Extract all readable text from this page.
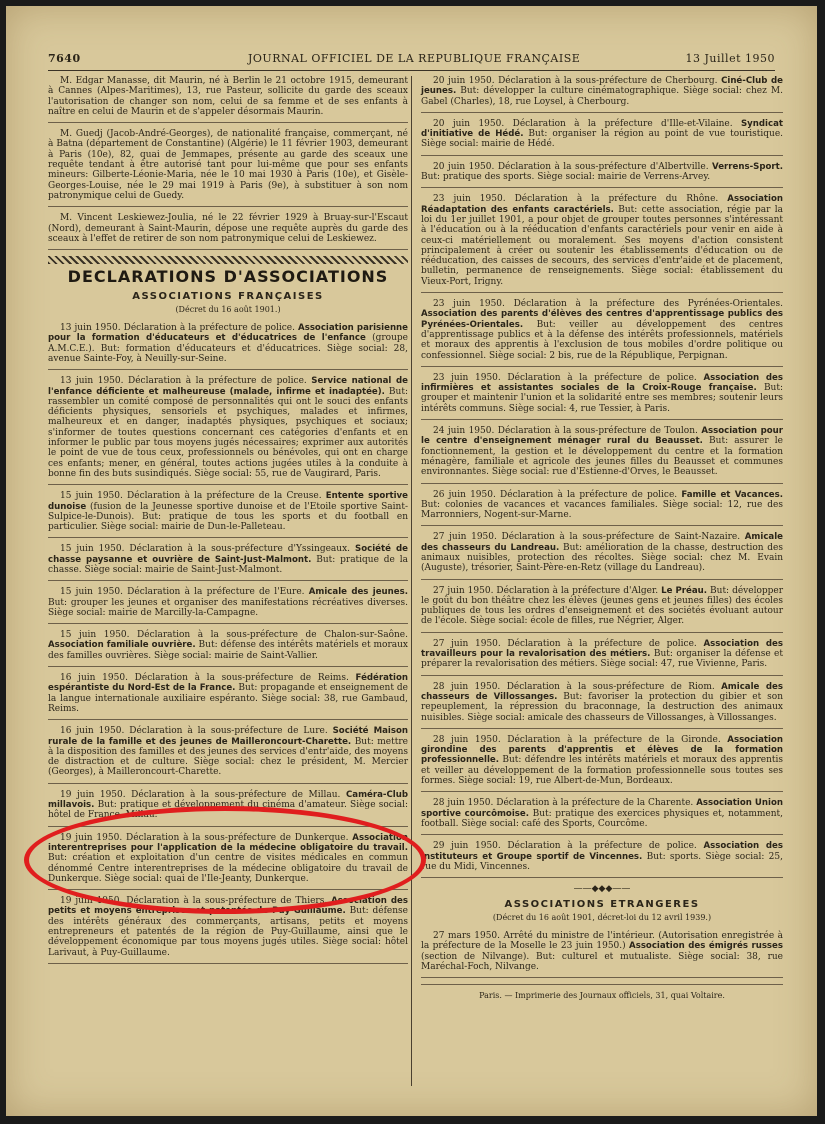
7640	JOURNAL OFFICIEL DE LA REPUBLIQUE FRANÇAISE	13 Juillet 1950
M. Edgar Manasse, dit Maurin, né à Berlin le 21 octobre 1915, demeurant à Cannes (Alpes-Maritimes), 13, rue Pasteur, sollicite du garde des sceaux l'autorisation de changer son nom, celui de sa femme et de ses enfants à naître en celui de Maurin et de s'appeler désormais Maurin.
M. Guedj (Jacob-André-Georges), de nationalité française, commerçant, né à Batna (département de Constantine) (Algérie) le 11 février 1903, demeurant à Paris (10e), 82, quai de Jemmapes, présente au garde des sceaux une requête tendant à être autorisé tant pour lui-même que pour ses enfants mineurs: Gilberte-Léonie-Maria, née le 10 mai 1930 à Paris (10e), et Gisèle-Georges-Louise, née le 29 mai 1919 à Paris (9e), à substituer à son nom patronymique celui de Guedy.
M. Vincent Leskiewez-Joulia, né le 22 février 1929 à Bruay-sur-l'Escaut (Nord), demeurant à Saint-Maurin, dépose une requête auprès du garde des sceaux à l'effet de retirer de son nom patronymique celui de Leskiewez.
DECLARATIONS D'ASSOCIATIONS
ASSOCIATIONS FRANÇAISES
(Décret du 16 août 1901.)
13 juin 1950. Déclaration à la préfecture de police. Association parisienne pour la formation d'éducateurs et d'éducatrices de l'enfance (groupe A.M.C.E.). But: formation d'éducateurs et d'éducatrices. Siège social: 28, avenue Sainte-Foy, à Neuilly-sur-Seine.
13 juin 1950. Déclaration à la préfecture de police. Service national de l'enfance déficiente et malheureuse (malade, infirme et inadaptée). But: rassembler un comité composé de personnalités qui ont le souci des enfants déficients physiques, sensoriels et psychiques, malades et infirmes, malheureux et en danger, inadaptés physiques, psychiques et sociaux; s'informer de toutes questions concernant ces catégories d'enfants et en informer le public par tous moyens jugés nécessaires; exprimer aux autorités le point de vue de tous ceux, professionnels ou bénévoles, qui ont en charge ces enfants; mener, en général, toutes actions jugées utiles à la conduite à bonne fin des buts susindiqués. Siège social: 55, rue de Vaugirard, Paris.
15 juin 1950. Déclaration à la préfecture de la Creuse. Entente sportive dunoise (fusion de la Jeunesse sportive dunoise et de l'Etoile sportive Saint-Sulpice-le-Dunois). But: pratique de tous les sports et du football en particulier. Siège social: mairie de Dun-le-Palleteau.
15 juin 1950. Déclaration à la sous-préfecture d'Yssingeaux. Société de chasse paysanne et ouvrière de Saint-Just-Malmont. But: pratique de la chasse. Siège social: mairie de Saint-Just-Malmont.
15 juin 1950. Déclaration à la préfecture de l'Eure. Amicale des jeunes. But: grouper les jeunes et organiser des manifestations récréatives diverses. Siège social: mairie de Marcilly-la-Campagne.
15 juin 1950. Déclaration à la sous-préfecture de Chalon-sur-Saône. Association familiale ouvrière. But: défense des intérêts matériels et moraux des familles ouvrières. Siège social: mairie de Saint-Vallier.
16 juin 1950. Déclaration à la sous-préfecture de Reims. Fédération espérantiste du Nord-Est de la France. But: propagande et enseignement de la langue internationale auxiliaire espéranto. Siège social: 38, rue Gambaud, Reims.
16 juin 1950. Déclaration à la sous-préfecture de Lure. Société Maison rurale de la famille et des jeunes de Mailleroncourt-Charette. But: mettre à la disposition des familles et des jeunes des services d'entr'aide, des moyens de distraction et de culture. Siège social: chez le président, M. Mercier (Georges), à Mailleroncourt-Charette.
19 juin 1950. Déclaration à la sous-préfecture de Millau. Caméra-Club millavois. But: pratique et développement du cinéma d'amateur. Siège social: hôtel de France, Millau.
19 juin 1950. Déclaration à la sous-préfecture de Dunkerque. Association interentreprises pour l'application de la médecine obligatoire du travail. But: création et exploitation d'un centre de visites médicales en commun dénommé Centre interentreprises de la médecine obligatoire du travail de Dunkerque. Siège social: quai de l'Ile-Jeanty, Dunkerque.
19 juin 1950. Déclaration à la sous-préfecture de Thiers. Association des petits et moyens entreprises et patentés de Puy-Guillaume. But: défense des intérêts généraux des commerçants, artisans, petits et moyens entrepreneurs et patentés de la région de Puy-Guillaume, ainsi que le développement économique par tous moyens jugés utiles. Siège social: hôtel Larivaut, à Puy-Guillaume.
20 juin 1950. Déclaration à la sous-préfecture de Cherbourg. Ciné-Club de jeunes. But: développer la culture cinématographique. Siège social: chez M. Gabel (Charles), 18, rue Loysel, à Cherbourg.
20 juin 1950. Déclaration à la préfecture d'Ille-et-Vilaine. Syndicat d'initiative de Hédé. But: organiser la région au point de vue touristique. Siège social: mairie de Hédé.
20 juin 1950. Déclaration à la sous-préfecture d'Albertville. Verrens-Sport. But: pratique des sports. Siège social: mairie de Verrens-Arvey.
23 juin 1950. Déclaration à la préfecture du Rhône. Association Réadaptation des enfants caractériels. But: cette association, régie par la loi du 1er juillet 1901, a pour objet de grouper toutes personnes s'intéressant à l'éducation ou à la rééducation d'enfants caractériels pour venir en aide à ceux-ci matériellement ou moralement. Ses moyens d'action consistent principalement à créer ou soutenir les établissements d'éducation ou de rééducation, des caisses de secours, des services d'entr'aide et de placement, bulletin, permanence de renseignements. Siège social: établissement du Vieux-Port, Irigny.
23 juin 1950. Déclaration à la préfecture des Pyrénées-Orientales. Association des parents d'élèves des centres d'apprentissage publics des Pyrénées-Orientales. But: veiller au développement des centres d'apprentissage publics et à la défense des intérêts professionnels, matériels et moraux des apprentis à l'exclusion de tous mobiles d'ordre politique ou confessionnel. Siège social: 2 bis, rue de la République, Perpignan.
23 juin 1950. Déclaration à la préfecture de police. Association des infirmières et assistantes sociales de la Croix-Rouge française. But: grouper et maintenir l'union et la solidarité entre ses membres; soutenir leurs intérêts communs. Siège social: 4, rue Tessier, à Paris.
24 juin 1950. Déclaration à la sous-préfecture de Toulon. Association pour le centre d'enseignement ménager rural du Beausset. But: assurer le fonctionnement, la gestion et le développement du centre et la formation ménagère, familiale et agricole des jeunes filles du Beausset et communes environnantes. Siège social: rue d'Estienne-d'Orves, le Beausset.
26 juin 1950. Déclaration à la préfecture de police. Famille et Vacances. But: colonies de vacances et vacances familiales. Siège social: 12, rue des Marronniers, Nogent-sur-Marne.
27 juin 1950. Déclaration à la sous-préfecture de Saint-Nazaire. Amicale des chasseurs du Landreau. But: amélioration de la chasse, destruction des animaux nuisibles, protection des récoltes. Siège social: chez M. Evain (Auguste), trésorier, Saint-Père-en-Retz (village du Landreau).
27 juin 1950. Déclaration à la préfecture d'Alger. Le Préau. But: développer le goût du bon théâtre chez les élèves (jeunes gens et jeunes filles) des écoles publiques de tous les ordres d'enseignement et des sociétés évoluant autour de l'école. Siège social: école de filles, rue Négrier, Alger.
27 juin 1950. Déclaration à la préfecture de police. Association des travailleurs pour la revalorisation des métiers. But: organiser la défense et préparer la revalorisation des métiers. Siège social: 47, rue Vivienne, Paris.
28 juin 1950. Déclaration à la sous-préfecture de Riom. Amicale des chasseurs de Villossanges. But: favoriser la protection du gibier et son repeuplement, la répression du braconnage, la destruction des animaux nuisibles. Siège social: amicale des chasseurs de Villossanges, à Villossanges.
28 juin 1950. Déclaration à la préfecture de la Gironde. Association girondine des parents d'apprentis et élèves de la formation professionnelle. But: défendre les intérêts matériels et moraux des apprentis et veiller au développement de la formation professionnelle sous toutes ses formes. Siège social: 19, rue Albert-de-Mun, Bordeaux.
28 juin 1950. Déclaration à la préfecture de la Charente. Association Union sportive courcômoise. But: pratique des exercices physiques et, notamment, football. Siège social: café des Sports, Courcôme.
29 juin 1950. Déclaration à la préfecture de police. Association des instituteurs et Groupe sportif de Vincennes. But: sports. Siège social: 25, rue du Midi, Vincennes.
——◆◆◆——
ASSOCIATIONS ETRANGERES
(Décret du 16 août 1901, décret-loi du 12 avril 1939.)
27 mars 1950. Arrêté du ministre de l'intérieur. (Autorisation enregistrée à la préfecture de la Moselle le 23 juin 1950.) Association des émigrés russes (section de Nilvange). But: culturel et mutualiste. Siège social: 38, rue Maréchal-Foch, Nilvange.
Paris. — Imprimerie des Journaux officiels, 31, quai Voltaire.
